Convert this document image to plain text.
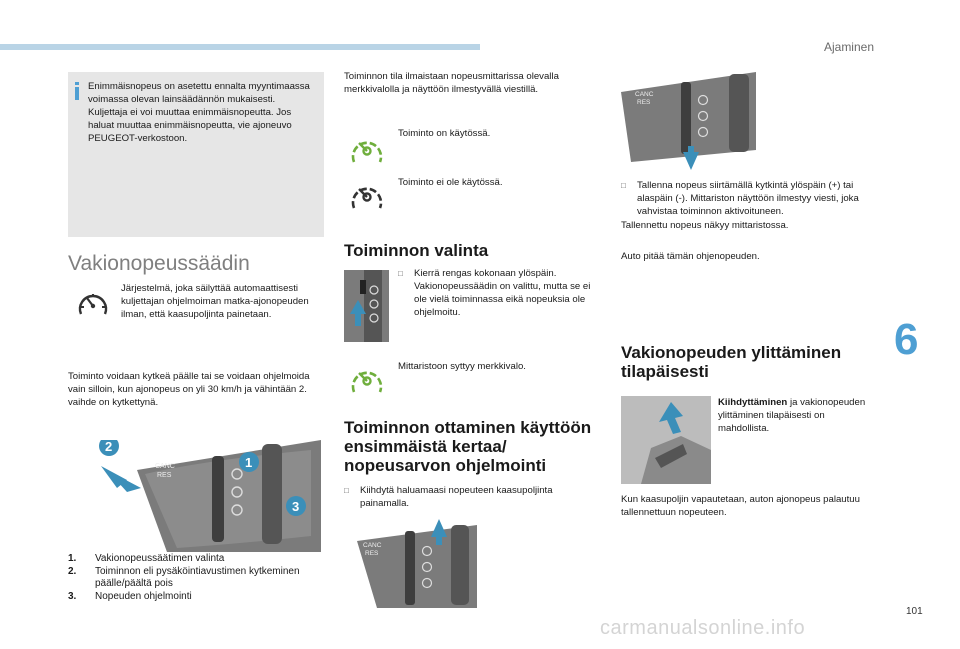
Ajaminen
6
101
carmanualsonline.info

Enimmäisnopeus on asetettu ennalta myyntimaassa voimassa olevan lainsäädännön mukaisesti.

Kuljettaja ei voi muuttaa enimmäisnopeutta. Jos haluat muuttaa enimmäisnopeutta, vie ajoneuvo PEUGEOT-verkostoon.

Vakionopeussäädin
Järjestelmä, joka säilyttää automaattisesti kuljettajan ohjelmoiman matka-ajonopeuden ilman, että kaasupoljinta painetaan.
Toiminto voidaan kytkeä päälle tai se voidaan ohjelmoida vain silloin, kun ajonopeus on yli 30 km/h ja vähintään 2. vaihde on kytkettynä.
CANC
RES
2
1
3
1.	Vakionopeussäätimen valinta
2.	Toiminnon eli pysäköintiavustimen kytkeminen päälle/päältä pois
3.	Nopeuden ohjelmointi
Toiminnon tila ilmaistaan nopeusmittarissa olevalla merkkivalolla ja näyttöön ilmestyvällä viestillä.
Toiminto on käytössä.
Toiminto ei ole käytössä.
Toiminnon valinta
□	Kierrä rengas kokonaan ylöspäin. Vakionopeussäädin on valittu, mutta se ei ole vielä toiminnassa eikä nopeuksia ole ohjelmoitu.
Mittaristoon syttyy merkkivalo.
Toiminnon ottaminen käyttöön ensimmäistä kertaa/ nopeusarvon ohjelmointi
□	Kiihdytä haluamaasi nopeuteen kaasupoljinta painamalla.
CANC
RES
CANC
RES
□	Tallenna nopeus siirtämällä kytkintä ylöspäin (+) tai alaspäin (-). Mittariston näyttöön ilmestyy viesti, joka vahvistaa toiminnon aktivoituneen.
Tallennettu nopeus näkyy mittaristossa.
Auto pitää tämän ohjenopeuden.
Vakionopeuden ylittäminen tilapäisesti
Kiihdyttäminen ja vakionopeuden ylittäminen tilapäisesti on mahdollista.
Kun kaasupoljin vapautetaan, auton ajonopeus palautuu tallennettuun nopeuteen.
